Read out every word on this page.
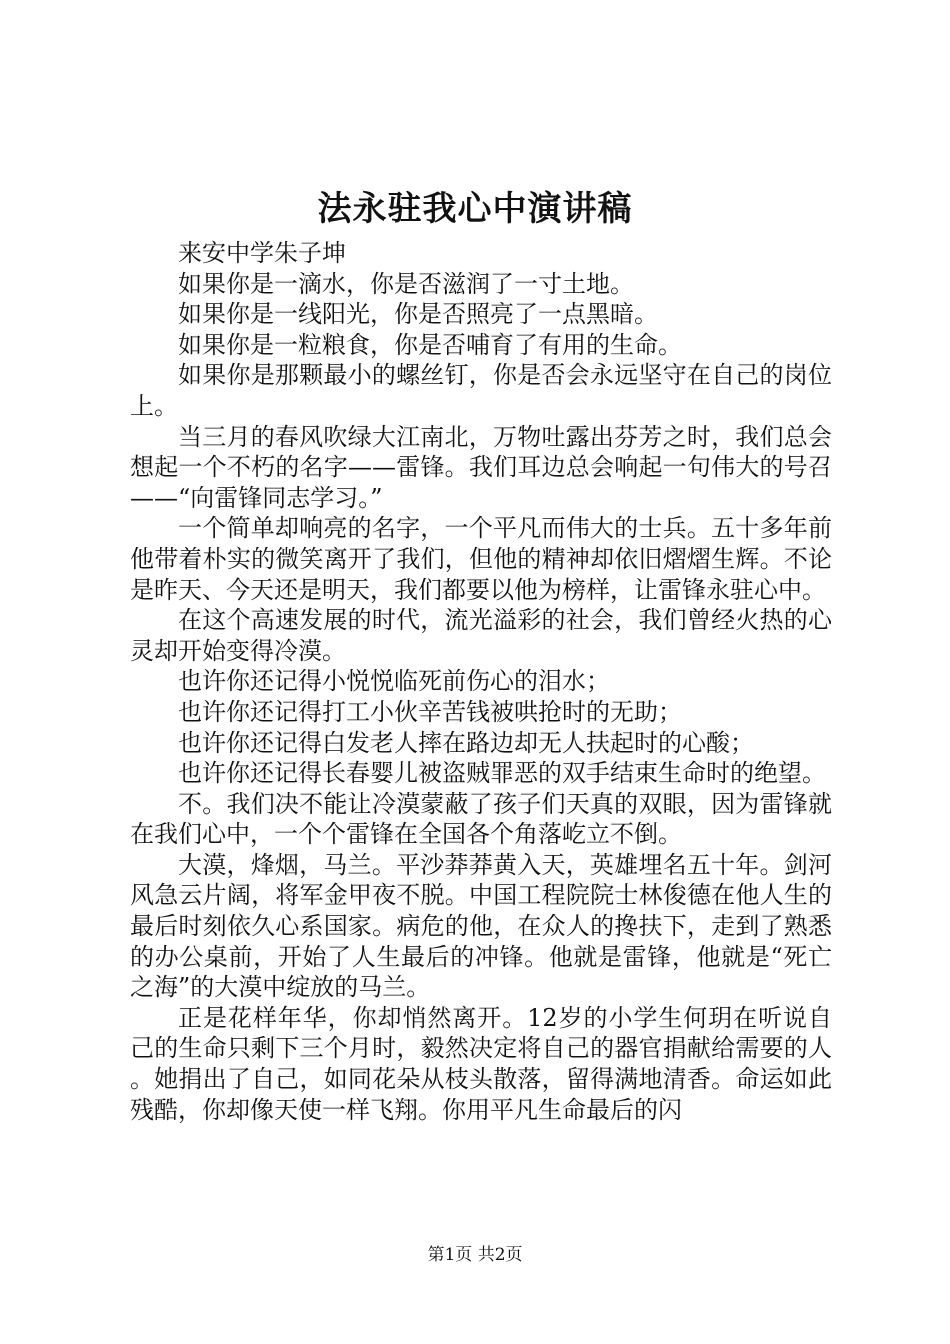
法永驻我心中演讲稿

来安中学朱子坤

如果你是一滴水，你是否滋润了一寸土地。

如果你是一线阳光，你是否照亮了一点黑暗。

如果你是一粒粮食，你是否哺育了有用的生命。

如果你是那颗最小的螺丝钉，你是否会永远坚守在自己的岗位上。

当三月的春风吹绿大江南北，万物吐露出芬芳之时，我们总会想起一个不朽的名字——雷锋。我们耳边总会响起一句伟大的号召——“向雷锋同志学习。”

一个简单却响亮的名字，一个平凡而伟大的士兵。五十多年前他带着朴实的微笑离开了我们，但他的精神却依旧熠熠生辉。不论是昨天、今天还是明天，我们都要以他为榜样，让雷锋永驻心中。

在这个高速发展的时代，流光溢彩的社会，我们曾经火热的心灵却开始变得冷漠。

也许你还记得小悦悦临死前伤心的泪水；

也许你还记得打工小伙辛苦钱被哄抢时的无助；

也许你还记得白发老人摔在路边却无人扶起时的心酸；

也许你还记得长春婴儿被盗贼罪恶的双手结束生命时的绝望。

不。我们决不能让冷漠蒙蔽了孩子们天真的双眼，因为雷锋就在我们心中，一个个雷锋在全国各个角落屹立不倒。

大漠，烽烟，马兰。平沙莽莽黄入天，英雄埋名五十年。剑河风急云片阔，将军金甲夜不脱。中国工程院院士林俊德在他人生的最后时刻依久心系国家。病危的他，在众人的搀扶下，走到了熟悉的办公桌前，开始了人生最后的冲锋。他就是雷锋，他就是“死亡之海”的大漠中绽放的马兰。

正是花样年华，你却悄然离开。12岁的小学生何玥在听说自己的生命只剩下三个月时，毅然决定将自己的器官捐献给需要的人。她捐出了自己，如同花朵从枝头散落，留得满地清香。命运如此残酷，你却像天使一样飞翔。你用平凡生命最后的闪

第1页 共2页
